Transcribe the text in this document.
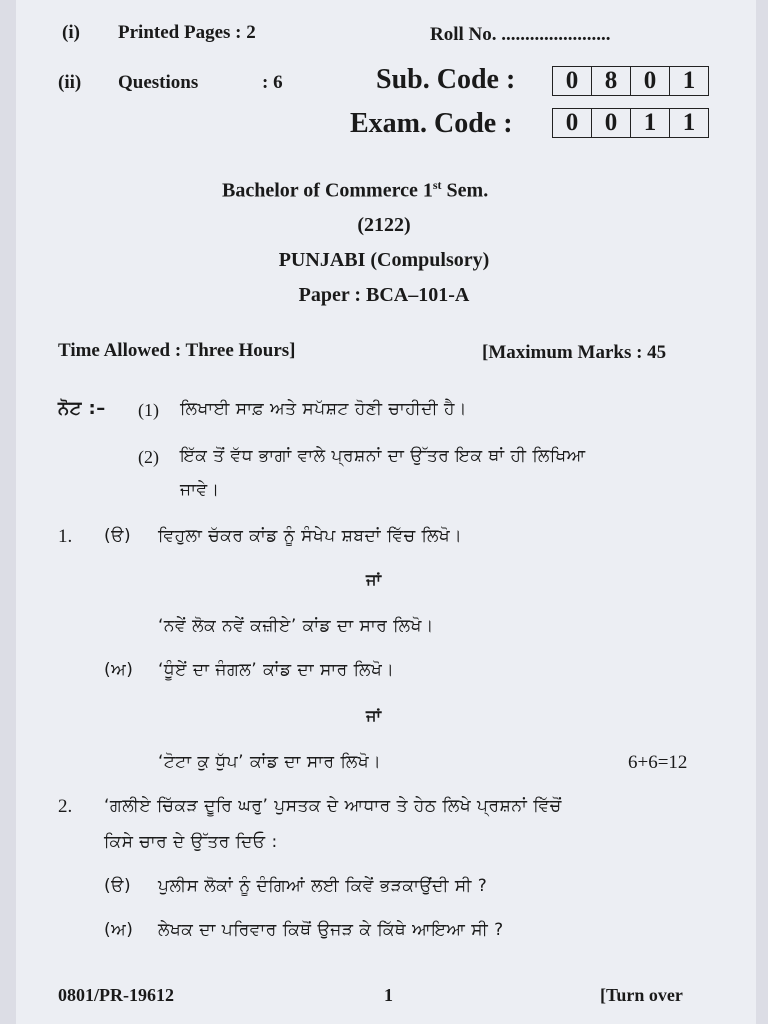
(i) Printed Pages : 2	Roll No. .......................
(ii) Questions	: 6	Sub. Code :	0	8	0	1
Exam. Code :	0	0	1	1
Bachelor of Commerce 1st Sem.
(2122)
PUNJABI (Compulsory)
Paper : BCA–101-A
Time Allowed : Three Hours]	[Maximum Marks : 45
ਨੋਟ :– (1) ਲਿਖਾਈ ਸਾਫ਼ ਅਤੇ ਸਪੱਸ਼ਟ ਹੋਣੀ ਚਾਹੀਦੀ ਹੈ।
(2) ਇੱਕ ਤੋਂ ਵੱਧ ਭਾਗਾਂ ਵਾਲੇ ਪ੍ਰਸ਼ਨਾਂ ਦਾ ਉੱਤਰ ਇਕ ਥਾਂ ਹੀ ਲਿਖਿਆ
ਜਾਵੇ।
1. (ੳ) ਵਿਹੁਲਾ ਚੱਕਰ ਕਾਂਡ ਨੂੰ ਸੰਖੇਪ ਸ਼ਬਦਾਂ ਵਿੱਚ ਲਿਖੋ।
ਜਾਂ
‘ਨਵੇਂ ਲੋਕ ਨਵੇਂ ਕਜ਼ੀਏ’ ਕਾਂਡ ਦਾ ਸਾਰ ਲਿਖੋ।
(ਅ) ‘ਧੂੰਏਂ ਦਾ ਜੰਗਲ’ ਕਾਂਡ ਦਾ ਸਾਰ ਲਿਖੋ।
ਜਾਂ
‘ਟੋਟਾ ਕੁ ਧੁੱਪ’ ਕਾਂਡ ਦਾ ਸਾਰ ਲਿਖੋ।	6+6=12
2. ‘ਗਲੀਏ ਚਿੱਕੜ ਦੂਰਿ ਘਰੁ’ ਪੁਸਤਕ ਦੇ ਆਧਾਰ ਤੇ ਹੇਠ ਲਿਖੇ ਪ੍ਰਸ਼ਨਾਂ ਵਿੱਚੋਂ
ਕਿਸੇ ਚਾਰ ਦੇ ਉੱਤਰ ਦਿਓ :
(ੳ) ਪੁਲੀਸ ਲੋਕਾਂ ਨੂੰ ਦੰਗਿਆਂ ਲਈ ਕਿਵੇਂ ਭੜਕਾਉਂਦੀ ਸੀ ?
(ਅ) ਲੇਖਕ ਦਾ ਪਰਿਵਾਰ ਕਿਥੋਂ ਉਜੜ ਕੇ ਕਿੱਥੇ ਆਇਆ ਸੀ ?
0801/PR-19612	1	[Turn over
